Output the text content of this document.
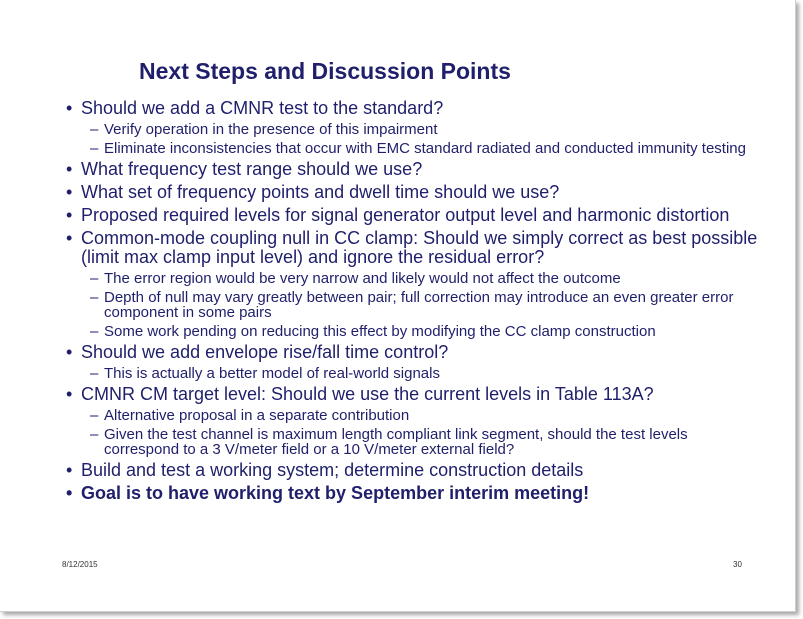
Next Steps and Discussion Points
• Should we add a CMNR test to the standard?
– Verify operation in the presence of this impairment
– Eliminate inconsistencies that occur with EMC standard radiated and conducted immunity testing
• What frequency test range should we use?
• What set of frequency points and dwell time should we use?
• Proposed required levels for signal generator output level and harmonic distortion
• Common-mode coupling null in CC clamp: Should we simply correct as best possible (limit max clamp input level) and ignore the residual error?
– The error region would be very narrow and likely would not affect the outcome
– Depth of null may vary greatly between pair; full correction may introduce an even greater error component in some pairs
– Some work pending on reducing this effect by modifying the CC clamp construction
• Should we add envelope rise/fall time control?
– This is actually a better model of real-world signals
• CMNR CM target level: Should we use the current levels in Table 113A?
– Alternative proposal in a separate contribution
– Given the test channel is maximum length compliant link segment, should the test levels correspond to a 3 V/meter field or a 10 V/meter external field?
• Build and test a working system; determine construction details
• Goal is to have working text by September interim meeting!
8/12/2015	30
